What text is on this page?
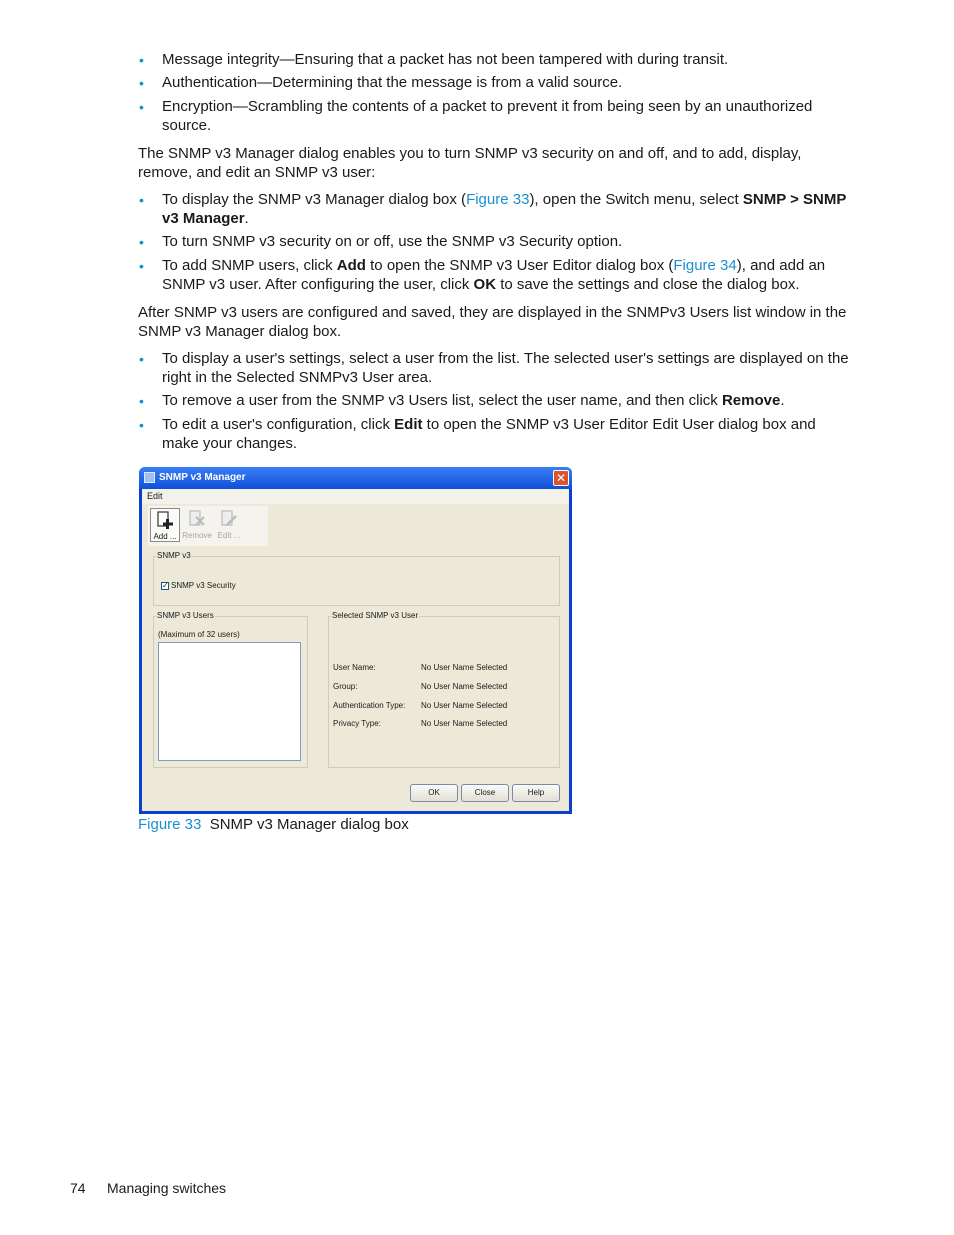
• Message integrity—Ensuring that a packet has not been tampered with during transit.

• Authentication—Determining that the message is from a valid source.

• Encryption—Scrambling the contents of a packet to prevent it from being seen by an unauthorized source.

The SNMP v3 Manager dialog enables you to turn SNMP v3 security on and off, and to add, display, remove, and edit an SNMP v3 user:

• To display the SNMP v3 Manager dialog box (Figure 33), open the Switch menu, select SNMP > SNMP v3 Manager.

• To turn SNMP v3 security on or off, use the SNMP v3 Security option.

• To add SNMP users, click Add to open the SNMP v3 User Editor dialog box (Figure 34), and add an SNMP v3 user. After configuring the user, click OK to save the settings and close the dialog box.

After SNMP v3 users are configured and saved, they are displayed in the SNMPv3 Users list window in the SNMP v3 Manager dialog box.

• To display a user's settings, select a user from the list. The selected user's settings are displayed on the right in the Selected SNMPv3 User area.

• To remove a user from the SNMP v3 Users list, select the user name, and then click Remove.

• To edit a user's configuration, click Edit to open the SNMP v3 User Editor Edit User dialog box and make your changes.

SNMP v3 Manager	✕
Edit
Add ... Remove Edit ...
SNMP v3
✓ SNMP v3 Security
SNMP v3 Users
(Maximum of 32 users)
Selected SNMP v3 User
User Name:	No User Name Selected
Group:	No User Name Selected
Authentication Type: No User Name Selected
Privacy Type:	No User Name Selected
OK	Close	Help
Figure 33 SNMP v3 Manager dialog box
74 Managing switches
